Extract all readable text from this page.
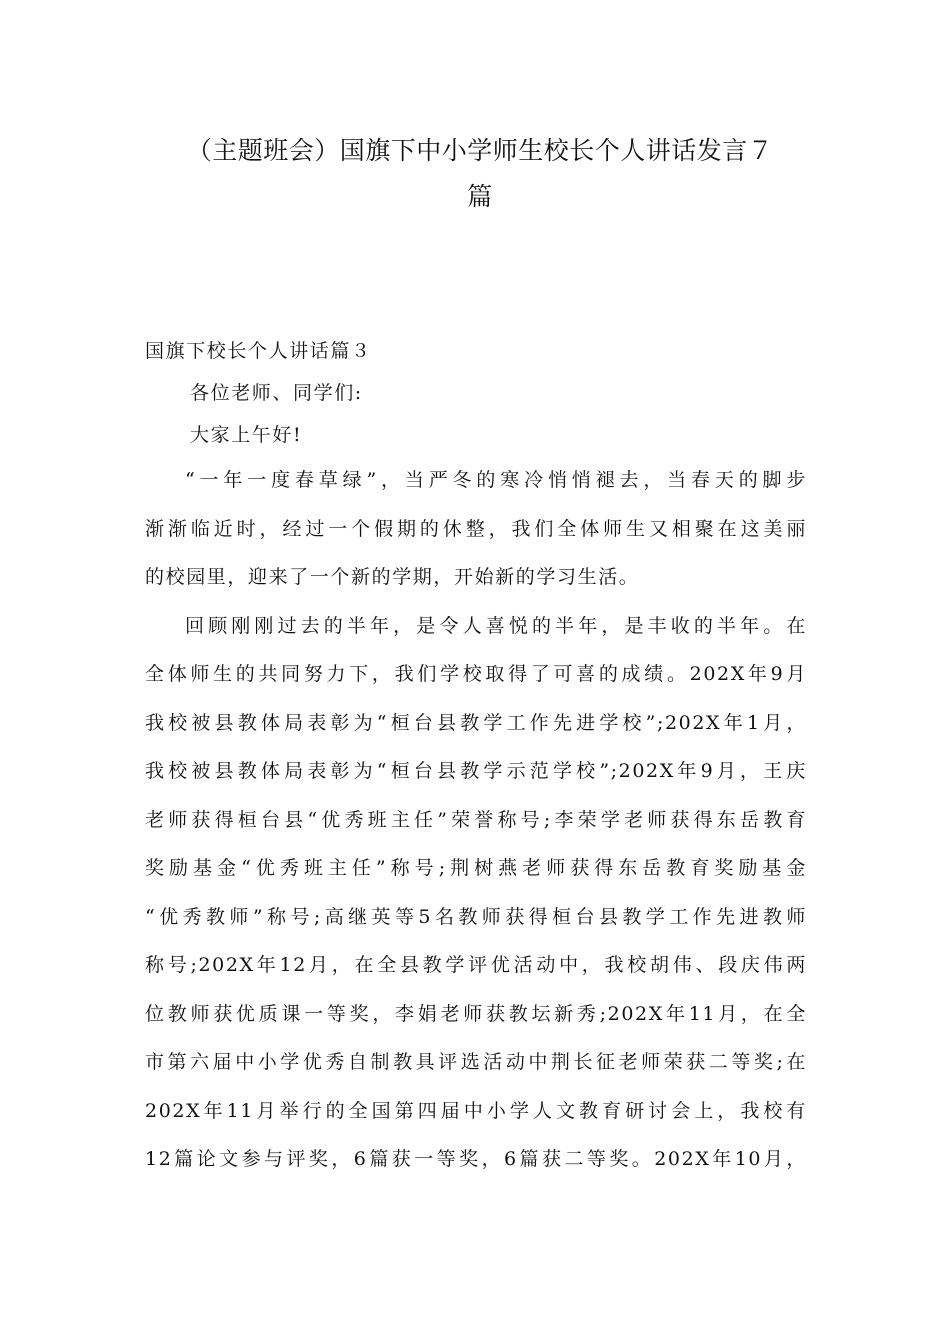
（主题班会）国旗下中小学师生校长个人讲话发言７
篇

国旗下校长个人讲话篇３

各位老师、同学们:

大家上午好!

“一年一度春草绿”，当严冬的寒冷悄悄褪去，当春天的脚步
渐渐临近时，经过一个假期的休整，我们全体师生又相聚在这美丽
的校园里，迎来了一个新的学期，开始新的学习生活。
回顾刚刚过去的半年，是令人喜悦的半年，是丰收的半年。在
全体师生的共同努力下，我们学校取得了可喜的成绩。202X年9月
我校被县教体局表彰为“桓台县教学工作先进学校”;202X年1月，
我校被县教体局表彰为“桓台县教学示范学校”;202X年9月，王庆
老师获得桓台县“优秀班主任”荣誉称号;李荣学老师获得东岳教育
奖励基金“优秀班主任”称号;荆树燕老师获得东岳教育奖励基金
“优秀教师”称号;高继英等5名教师获得桓台县教学工作先进教师
称号;202X年12月，在全县教学评优活动中，我校胡伟、段庆伟两
位教师获优质课一等奖，李娟老师获教坛新秀;202X年11月，在全
市第六届中小学优秀自制教具评选活动中荆长征老师荣获二等奖;在
202X年11月举行的全国第四届中小学人文教育研讨会上，我校有
12篇论文参与评奖，6篇获一等奖，6篇获二等奖。202X年10月，
